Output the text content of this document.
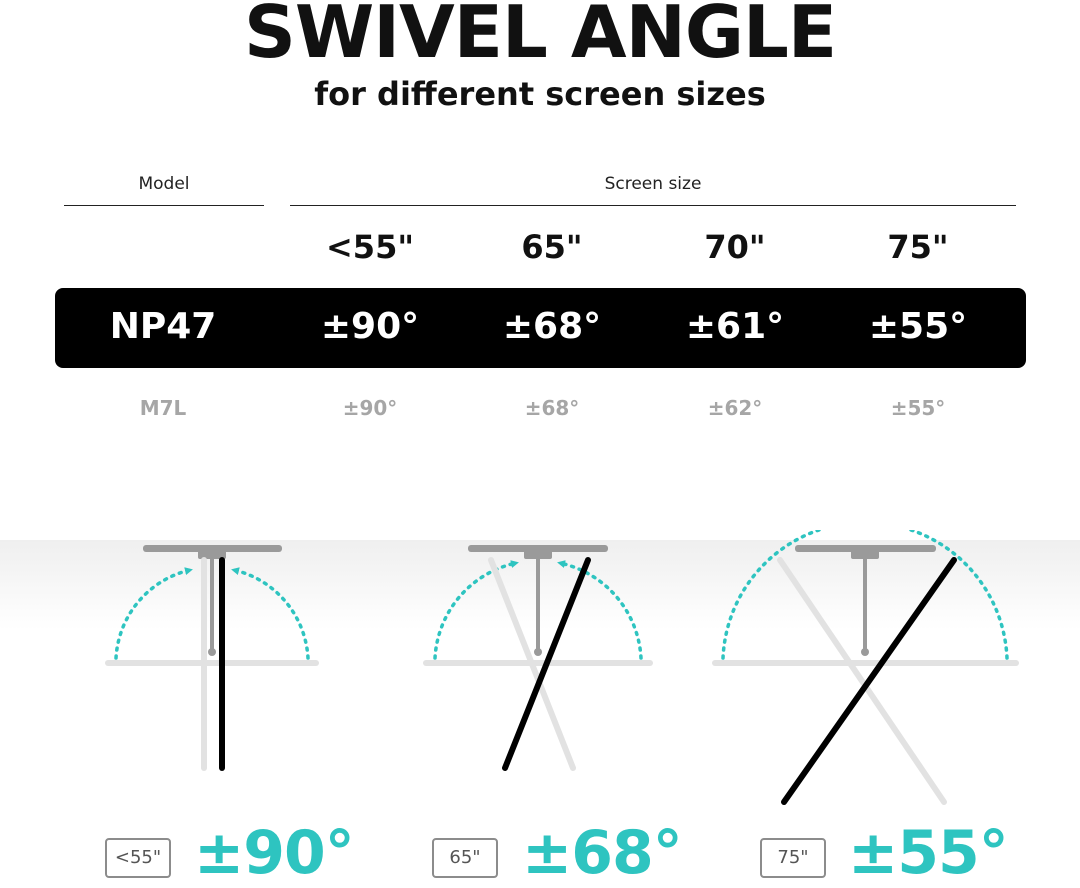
SWIVEL ANGLE
for different screen sizes
Model	Screen size
<55"	65"	70"	75"
NP47	±90°	±68°	±61°	±55°
M7L	±90°	±68°	±62°	±55°
<55" ±90°	65" ±68°	75" ±55°
